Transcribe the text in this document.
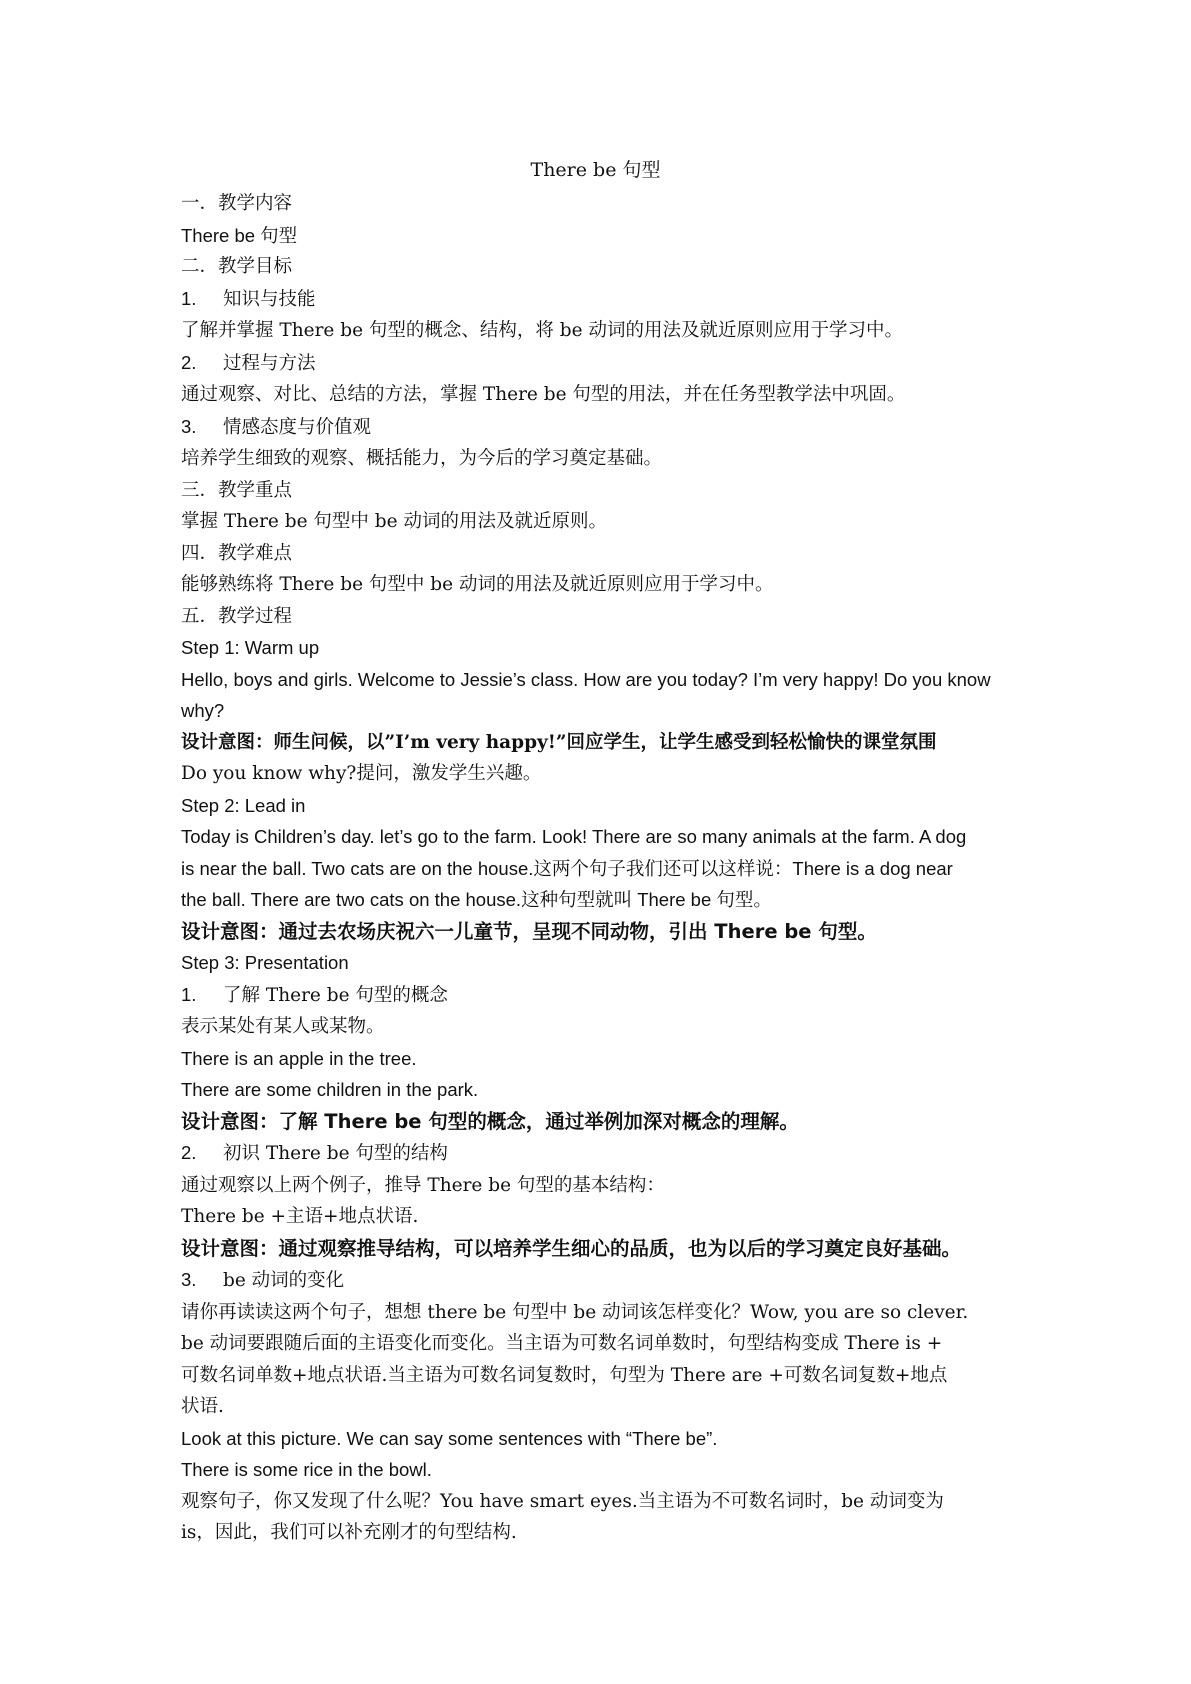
There be 句型
一．教学内容
There be 句型
二．教学目标
1. 知识与技能
了解并掌握 There be 句型的概念、结构，将 be 动词的用法及就近原则应用于学习中。
2. 过程与方法
通过观察、对比、总结的方法，掌握 There be 句型的用法，并在任务型教学法中巩固。
3. 情感态度与价值观
培养学生细致的观察、概括能力，为今后的学习奠定基础。
三．教学重点
掌握 There be 句型中 be 动词的用法及就近原则。
四．教学难点
能够熟练将 There be 句型中 be 动词的用法及就近原则应用于学习中。
五．教学过程
Step 1: Warm up
Hello, boys and girls. Welcome to Jessie’s class. How are you today? I’m very happy! Do you know
why?
设计意图：师生问候，以”I’m very happy!”回应学生，让学生感受到轻松愉快的课堂氛围
Do you know why?提问，激发学生兴趣。
Step 2: Lead in
Today is Children’s day. let’s go to the farm. Look! There are so many animals at the farm. A dog
is near the ball. Two cats are on the house.这两个句子我们还可以这样说：There is a dog near
the ball. There are two cats on the house.这种句型就叫 There be 句型。
设计意图：通过去农场庆祝六一儿童节，呈现不同动物，引出 There be 句型。
Step 3: Presentation
1. 了解 There be 句型的概念
表示某处有某人或某物。
There is an apple in the tree.
There are some children in the park.
设计意图：了解 There be 句型的概念，通过举例加深对概念的理解。
2. 初识 There be 句型的结构
通过观察以上两个例子，推导 There be 句型的基本结构：
There be +主语+地点状语.
设计意图：通过观察推导结构，可以培养学生细心的品质，也为以后的学习奠定良好基础。
3. be 动词的变化
请你再读读这两个句子，想想 there be 句型中 be 动词该怎样变化？Wow, you are so clever.
be 动词要跟随后面的主语变化而变化。当主语为可数名词单数时，句型结构变成 There is +
可数名词单数+地点状语.当主语为可数名词复数时，句型为 There are +可数名词复数+地点
状语.
Look at this picture. We can say some sentences with “There be”.
There is some rice in the bowl.
观察句子，你又发现了什么呢？You have smart eyes.当主语为不可数名词时，be 动词变为
is，因此，我们可以补充刚才的句型结构.
